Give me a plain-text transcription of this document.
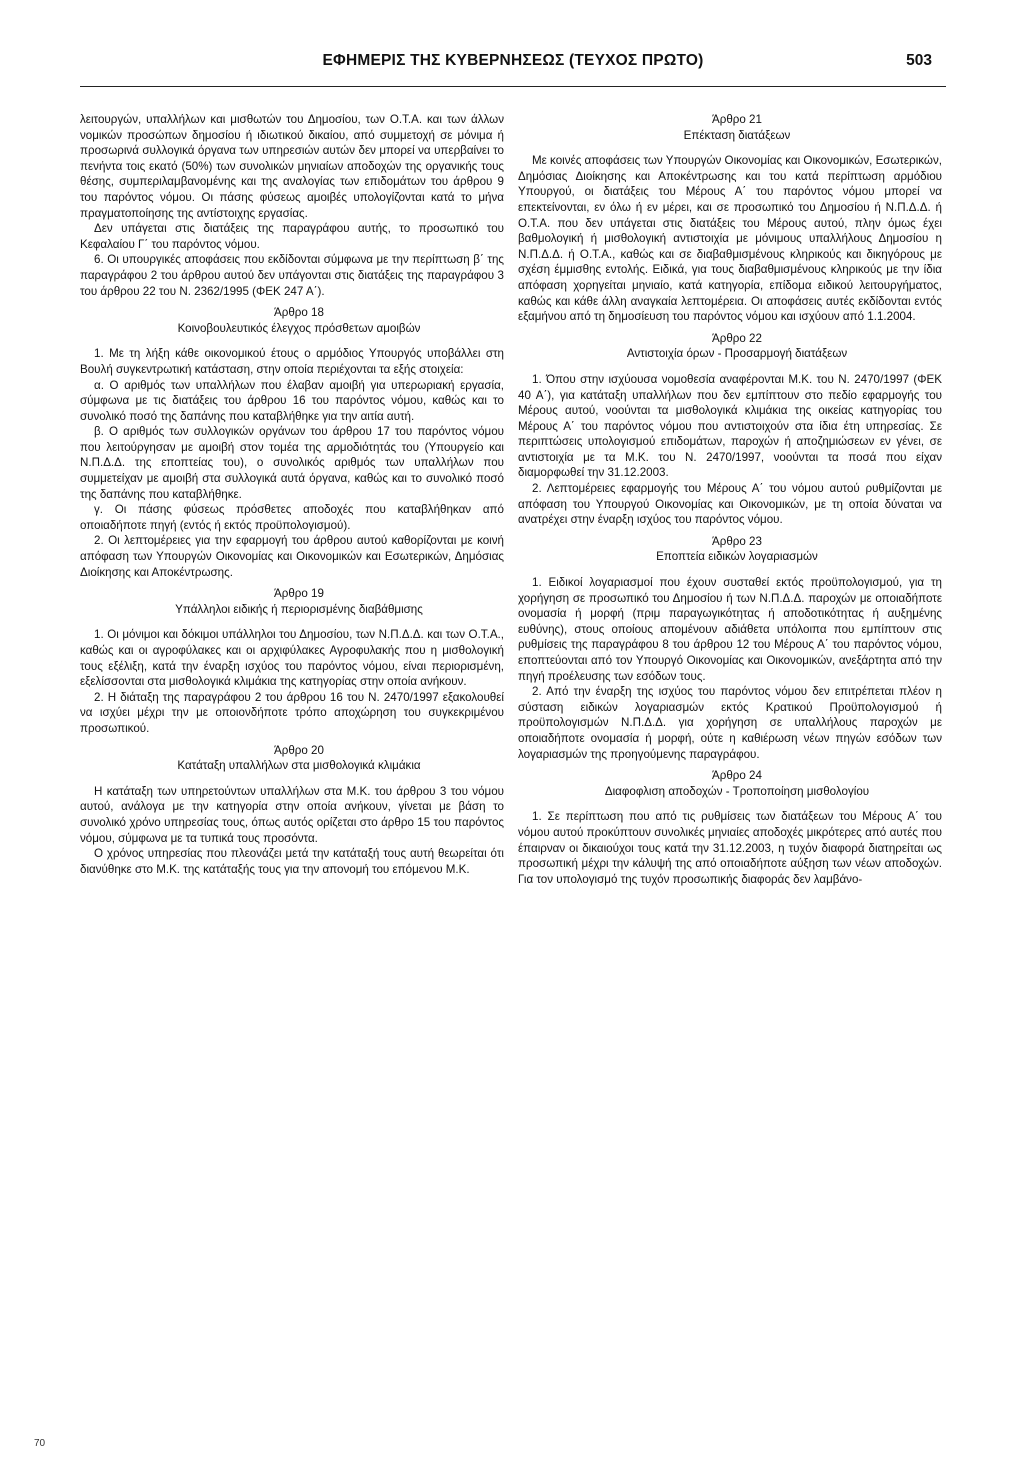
ΕΦΗΜΕΡΙΣ ΤΗΣ ΚΥΒΕΡΝΗΣΕΩΣ (ΤΕΥΧΟΣ ΠΡΩΤΟ)	503

λειτουργών, υπαλλήλων και μισθωτών του Δημοσίου, των Ο.Τ.Α. και των άλλων νομικών προσώπων δημοσίου ή ιδιωτικού δικαίου, από συμμετοχή σε μόνιμα ή προσωρινά συλλογικά όργανα των υπηρεσιών αυτών δεν μπορεί να υπερβαίνει το πενήντα τοις εκατό (50%) των συνολικών μηνιαίων αποδοχών της οργανικής τους θέσης, συμπεριλαμβανομένης και της αναλογίας των επιδομάτων του άρθρου 9 του παρόντος νόμου. Οι πάσης φύσεως αμοιβές υπολογίζονται κατά το μήνα πραγματοποίησης της αντίστοιχης εργασίας.

Δεν υπάγεται στις διατάξεις της παραγράφου αυτής, το προσωπικό του Κεφαλαίου Γ΄ του παρόντος νόμου.

6. Οι υπουργικές αποφάσεις που εκδίδονται σύμφωνα με την περίπτωση β΄ της παραγράφου 2 του άρθρου αυτού δεν υπάγονται στις διατάξεις της παραγράφου 3 του άρθρου 22 του Ν. 2362/1995 (ΦΕΚ 247 Α΄).

Άρθρο 18

Κοινοβουλευτικός έλεγχος πρόσθετων αμοιβών

1. Με τη λήξη κάθε οικονομικού έτους ο αρμόδιος Υπουργός υποβάλλει στη Βουλή συγκεντρωτική κατάσταση, στην οποία περιέχονται τα εξής στοιχεία:

α. Ο αριθμός των υπαλλήλων που έλαβαν αμοιβή για υπερωριακή εργασία, σύμφωνα με τις διατάξεις του άρθρου 16 του παρόντος νόμου, καθώς και το συνολικό ποσό της δαπάνης που καταβλήθηκε για την αιτία αυτή.

β. Ο αριθμός των συλλογικών οργάνων του άρθρου 17 του παρόντος νόμου που λειτούργησαν με αμοιβή στον τομέα της αρμοδιότητάς του (Υπουργείο και Ν.Π.Δ.Δ. της εποπτείας του), ο συνολικός αριθμός των υπαλλήλων που συμμετείχαν με αμοιβή στα συλλογικά αυτά όργανα, καθώς και το συνολικό ποσό της δαπάνης που καταβλήθηκε.

γ. Οι πάσης φύσεως πρόσθετες αποδοχές που καταβλήθηκαν από οποιαδήποτε πηγή (εντός ή εκτός προϋπολογισμού).

2. Οι λεπτομέρειες για την εφαρμογή του άρθρου αυτού καθορίζονται με κοινή απόφαση των Υπουργών Οικονομίας και Οικονομικών και Εσωτερικών, Δημόσιας Διοίκησης και Αποκέντρωσης.

Άρθρο 19

Υπάλληλοι ειδικής ή περιορισμένης διαβάθμισης

1. Οι μόνιμοι και δόκιμοι υπάλληλοι του Δημοσίου, των Ν.Π.Δ.Δ. και των Ο.Τ.Α., καθώς και οι αγροφύλακες και οι αρχιφύλακες Αγροφυλακής που η μισθολογική τους εξέλιξη, κατά την έναρξη ισχύος του παρόντος νόμου, είναι περιορισμένη, εξελίσσονται στα μισθολογικά κλιμάκια της κατηγορίας στην οποία ανήκουν.

2. Η διάταξη της παραγράφου 2 του άρθρου 16 του Ν. 2470/1997 εξακολουθεί να ισχύει μέχρι την με οποιονδήποτε τρόπο αποχώρηση του συγκεκριμένου προσωπικού.

Άρθρο 20

Κατάταξη υπαλλήλων στα μισθολογικά κλιμάκια

Η κατάταξη των υπηρετούντων υπαλλήλων στα Μ.Κ. του άρθρου 3 του νόμου αυτού, ανάλογα με την κατηγορία στην οποία ανήκουν, γίνεται με βάση το συνολικό χρόνο υπηρεσίας τους, όπως αυτός ορίζεται στο άρθρο 15 του παρόντος νόμου, σύμφωνα με τα τυπικά τους προσόντα.

Ο χρόνος υπηρεσίας που πλεονάζει μετά την κατάταξή τους αυτή θεωρείται ότι διανύθηκε στο Μ.Κ. της κατάταξής τους για την απονομή του επόμενου Μ.Κ.

Άρθρο 21

Επέκταση διατάξεων

Με κοινές αποφάσεις των Υπουργών Οικονομίας και Οικονομικών, Εσωτερικών, Δημόσιας Διοίκησης και Αποκέντρωσης και του κατά περίπτωση αρμόδιου Υπουργού, οι διατάξεις του Μέρους Α΄ του παρόντος νόμου μπορεί να επεκτείνονται, εν όλω ή εν μέρει, και σε προσωπικό του Δημοσίου ή Ν.Π.Δ.Δ. ή Ο.Τ.Α. που δεν υπάγεται στις διατάξεις του Μέρους αυτού, πλην όμως έχει βαθμολογική ή μισθολογική αντιστοιχία με μόνιμους υπαλλήλους Δημοσίου η Ν.Π.Δ.Δ. ή Ο.Τ.Α., καθώς και σε διαβαθμισμένους κληρικούς και δικηγόρους με σχέση έμμισθης εντολής. Ειδικά, για τους διαβαθμισμένους κληρικούς με την ίδια απόφαση χορηγείται μηνιαίο, κατά κατηγορία, επίδομα ειδικού λειτουργήματος, καθώς και κάθε άλλη αναγκαία λεπτομέρεια. Οι αποφάσεις αυτές εκδίδονται εντός εξαμήνου από τη δημοσίευση του παρόντος νόμου και ισχύουν από 1.1.2004.

Άρθρο 22

Αντιστοιχία όρων - Προσαρμογή διατάξεων

1. Όπου στην ισχύουσα νομοθεσία αναφέρονται Μ.Κ. του Ν. 2470/1997 (ΦΕΚ 40 Α΄), για κατάταξη υπαλλήλων που δεν εμπίπτουν στο πεδίο εφαρμογής του Μέρους αυτού, νοούνται τα μισθολογικά κλιμάκια της οικείας κατηγορίας του Μέρους Α΄ του παρόντος νόμου που αντιστοιχούν στα ίδια έτη υπηρεσίας. Σε περιπτώσεις υπολογισμού επιδομάτων, παροχών ή αποζημιώσεων εν γένει, σε αντιστοιχία με τα Μ.Κ. του Ν. 2470/1997, νοούνται τα ποσά που είχαν διαμορφωθεί την 31.12.2003.

2. Λεπτομέρειες εφαρμογής του Μέρους Α΄ του νόμου αυτού ρυθμίζονται με απόφαση του Υπουργού Οικονομίας και Οικονομικών, με τη οποία δύναται να ανατρέχει στην έναρξη ισχύος του παρόντος νόμου.

Άρθρο 23

Εποπτεία ειδικών λογαριασμών

1. Ειδικοί λογαριασμοί που έχουν συσταθεί εκτός προϋπολογισμού, για τη χορήγηση σε προσωπικό του Δημοσίου ή των Ν.Π.Δ.Δ. παροχών με οποιαδήποτε ονομασία ή μορφή (πριμ παραγωγικότητας ή αποδοτικότητας ή αυξημένης ευθύνης), στους οποίους απομένουν αδιάθετα υπόλοιπα που εμπίπτουν στις ρυθμίσεις της παραγράφου 8 του άρθρου 12 του Μέρους Α΄ του παρόντος νόμου, εποπτεύονται από τον Υπουργό Οικονομίας και Οικονομικών, ανεξάρτητα από την πηγή προέλευσης των εσόδων τους.

2. Από την έναρξη της ισχύος του παρόντος νόμου δεν επιτρέπεται πλέον η σύσταση ειδικών λογαριασμών εκτός Κρατικού Προϋπολογισμού ή προϋπολογισμών Ν.Π.Δ.Δ. για χορήγηση σε υπαλλήλους παροχών με οποιαδήποτε ονομασία ή μορφή, ούτε η καθιέρωση νέων πηγών εσόδων των λογαριασμών της προηγούμενης παραγράφου.

Άρθρο 24

Διαφοφλιση αποδοχών - Τροποποίηση μισθολογίου

1. Σε περίπτωση που από τις ρυθμίσεις των διατάξεων του Μέρους Α΄ του νόμου αυτού προκύπτουν συνολικές μηνιαίες αποδοχές μικρότερες από αυτές που έπαιρναν οι δικαιούχοι τους κατά την 31.12.2003, η τυχόν διαφορά διατηρείται ως προσωπική μέχρι την κάλυψή της από οποιαδήποτε αύξηση των νέων αποδοχών. Για τον υπολογισμό της τυχόν προσωπικής διαφοράς δεν λαμβάνο-

70
